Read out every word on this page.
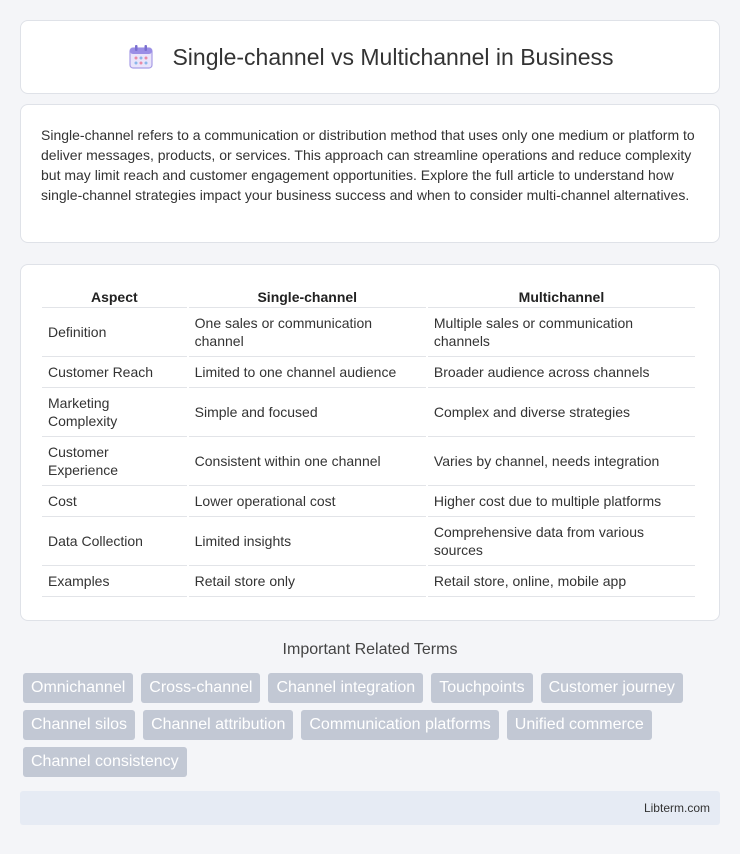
Single-channel vs Multichannel in Business

Single-channel refers to a communication or distribution method that uses only one medium or platform to deliver messages, products, or services. This approach can streamline operations and reduce complexity but may limit reach and customer engagement opportunities. Explore the full article to understand how single-channel strategies impact your business success and when to consider multi-channel alternatives.

Aspect	Single-channel	Multichannel
Definition	One sales or communication channel	Multiple sales or communication channels
Customer Reach	Limited to one channel audience	Broader audience across channels
Marketing Complexity	Simple and focused	Complex and diverse strategies
Customer Experience	Consistent within one channel	Varies by channel, needs integration
Cost	Lower operational cost	Higher cost due to multiple platforms
Data Collection	Limited insights	Comprehensive data from various sources
Examples	Retail store only	Retail store, online, mobile app
Important Related Terms
Omnichannel	Cross-channel	Channel integration	Touchpoints	Customer journey
Channel silos	Channel attribution	Communication platforms	Unified commerce
Channel consistency
Libterm.com
